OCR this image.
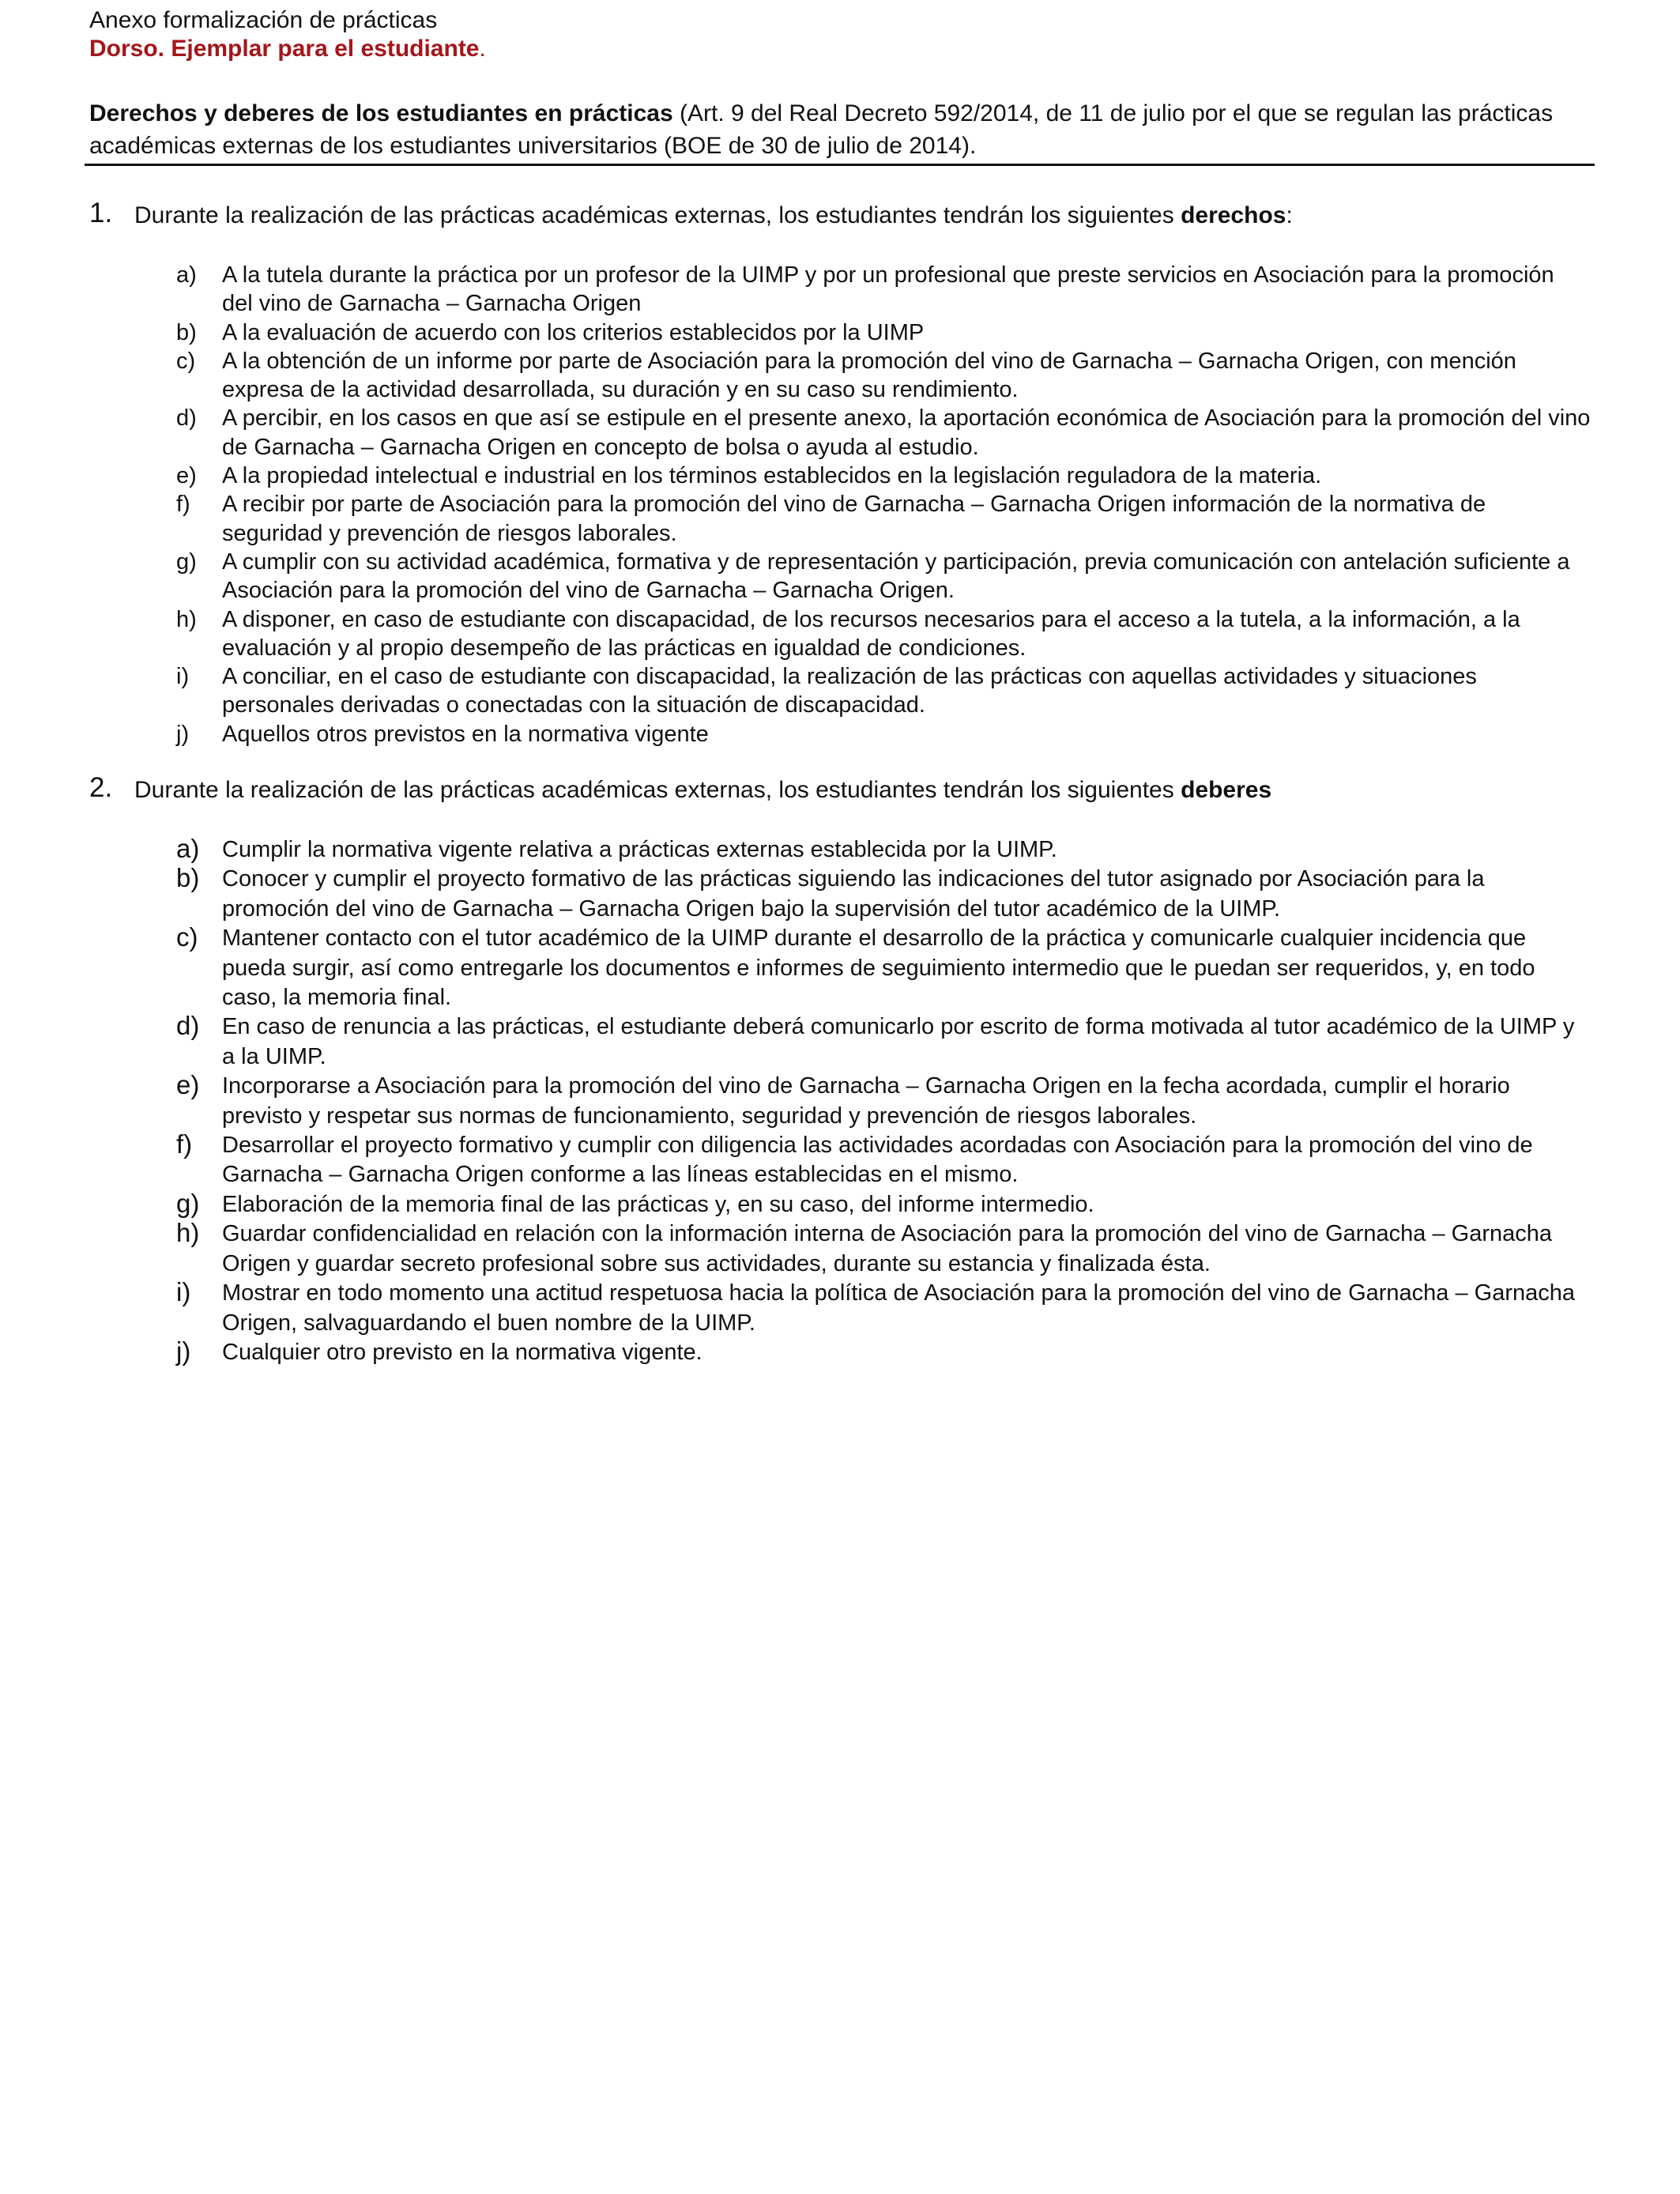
Anexo formalización de prácticas

Dorso. Ejemplar para el estudiante.

Derechos y deberes de los estudiantes en prácticas (Art. 9 del Real Decreto 592/2014, de 11 de julio por el que se regulan las prácticas académicas externas de los estudiantes universitarios (BOE de 30 de julio de 2014).
1. Durante la realización de las prácticas académicas externas, los estudiantes tendrán los siguientes derechos:
a) A la tutela durante la práctica por un profesor de la UIMP y por un profesional que preste servicios en Asociación para la promoción del vino de Garnacha – Garnacha Origen
b) A la evaluación de acuerdo con los criterios establecidos por la UIMP
c) A la obtención de un informe por parte de Asociación para la promoción del vino de Garnacha – Garnacha Origen, con mención expresa de la actividad desarrollada, su duración y en su caso su rendimiento.
d) A percibir, en los casos en que así se estipule en el presente anexo, la aportación económica de Asociación para la promoción del vino de Garnacha – Garnacha Origen en concepto de bolsa o ayuda al estudio.
e) A la propiedad intelectual e industrial en los términos establecidos en la legislación reguladora de la materia.
f) A recibir por parte de Asociación para la promoción del vino de Garnacha – Garnacha Origen información de la normativa de seguridad y prevención de riesgos laborales.
g) A cumplir con su actividad académica, formativa y de representación y participación, previa comunicación con antelación suficiente a Asociación para la promoción del vino de Garnacha – Garnacha Origen.
h) A disponer, en caso de estudiante con discapacidad, de los recursos necesarios para el acceso a la tutela, a la información, a la evaluación y al propio desempeño de las prácticas en igualdad de condiciones.
i) A conciliar, en el caso de estudiante con discapacidad, la realización de las prácticas con aquellas actividades y situaciones personales derivadas o conectadas con la situación de discapacidad.
j) Aquellos otros previstos en la normativa vigente
2. Durante la realización de las prácticas académicas externas, los estudiantes tendrán los siguientes deberes
a) Cumplir la normativa vigente relativa a prácticas externas establecida por la UIMP.
b) Conocer y cumplir el proyecto formativo de las prácticas siguiendo las indicaciones del tutor asignado por Asociación para la promoción del vino de Garnacha – Garnacha Origen bajo la supervisión del tutor académico de la UIMP.
c) Mantener contacto con el tutor académico de la UIMP durante el desarrollo de la práctica y comunicarle cualquier incidencia que pueda surgir, así como entregarle los documentos e informes de seguimiento intermedio que le puedan ser requeridos, y, en todo caso, la memoria final.
d) En caso de renuncia a las prácticas, el estudiante deberá comunicarlo por escrito de forma motivada al tutor académico de la UIMP y a la UIMP.
e) Incorporarse a Asociación para la promoción del vino de Garnacha – Garnacha Origen en la fecha acordada, cumplir el horario previsto y respetar sus normas de funcionamiento, seguridad y prevención de riesgos laborales.
f) Desarrollar el proyecto formativo y cumplir con diligencia las actividades acordadas con Asociación para la promoción del vino de Garnacha – Garnacha Origen conforme a las líneas establecidas en el mismo.
g) Elaboración de la memoria final de las prácticas y, en su caso, del informe intermedio.
h) Guardar confidencialidad en relación con la información interna de Asociación para la promoción del vino de Garnacha – Garnacha Origen y guardar secreto profesional sobre sus actividades, durante su estancia y finalizada ésta.
i) Mostrar en todo momento una actitud respetuosa hacia la política de Asociación para la promoción del vino de Garnacha – Garnacha Origen, salvaguardando el buen nombre de la UIMP.
j) Cualquier otro previsto en la normativa vigente.
